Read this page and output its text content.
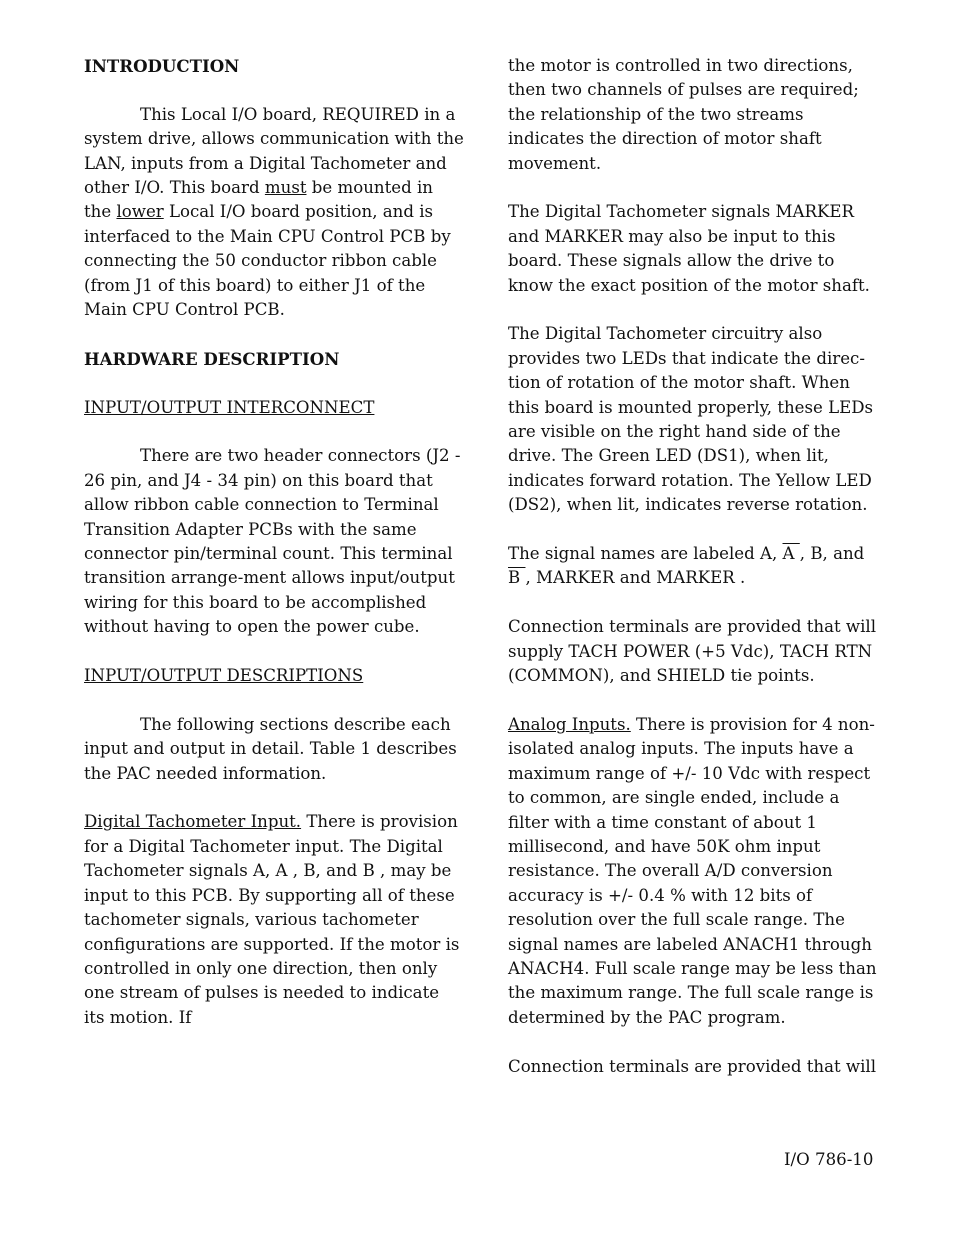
INTRODUCTION

This Local I/O board, REQUIRED in a system drive, allows communication with the LAN, inputs from a Digital Tachometer and other I/O. This board must be mounted in the lower Local I/O board position, and is interfaced to the Main CPU Control PCB by connecting the 50 conductor ribbon cable (from J1 of this board) to either J1 of the Main CPU Control PCB.

HARDWARE DESCRIPTION

INPUT/OUTPUT INTERCONNECT

There are two header connectors (J2 - 26 pin, and J4 - 34 pin) on this board that allow ribbon cable connection to Terminal Transition Adapter PCBs with the same connector pin/terminal count. This terminal transition arrange-ment allows input/output wiring for this board to be accomplished without having to open the power cube.

INPUT/OUTPUT DESCRIPTIONS

The following sections describe each input and output in detail. Table 1 describes the PAC needed information.

Digital Tachometer Input. There is provision for a Digital Tachometer input. The Digital Tachometer signals A, A , B, and B , may be input to this PCB. By supporting all of these tachometer signals, various tachometer configurations are supported. If the motor is controlled in only one direction, then only one stream of pulses is needed to indicate its motion. If

the motor is controlled in two directions, then two channels of pulses are required; the relationship of the two streams indicates the direction of motor shaft movement.

The Digital Tachometer signals MARKER and MARKER may also be input to this board. These signals allow the drive to know the exact position of the motor shaft.

The Digital Tachometer circuitry also provides two LEDs that indicate the direc-tion of rotation of the motor shaft. When this board is mounted properly, these LEDs are visible on the right hand side of the drive. The Green LED (DS1), when lit, indicates forward rotation. The Yellow LED (DS2), when lit, indicates reverse rotation.

The signal names are labeled A, A , B, and
B , MARKER and MARKER .

Connection terminals are provided that will supply TACH POWER (+5 Vdc), TACH RTN (COMMON), and SHIELD tie points.

Analog Inputs. There is provision for 4 non-isolated analog inputs. The inputs have a maximum range of +/- 10 Vdc with respect to common, are single ended, include a filter with a time constant of about 1 millisecond, and have 50K ohm input resistance. The overall A/D conversion accuracy is +/- 0.4 % with 12 bits of resolution over the full scale range. The signal names are labeled ANACH1 through ANACH4. Full scale range may be less than the maximum range. The full scale range is determined by the PAC program.

Connection terminals are provided that will

I/O 786-10
